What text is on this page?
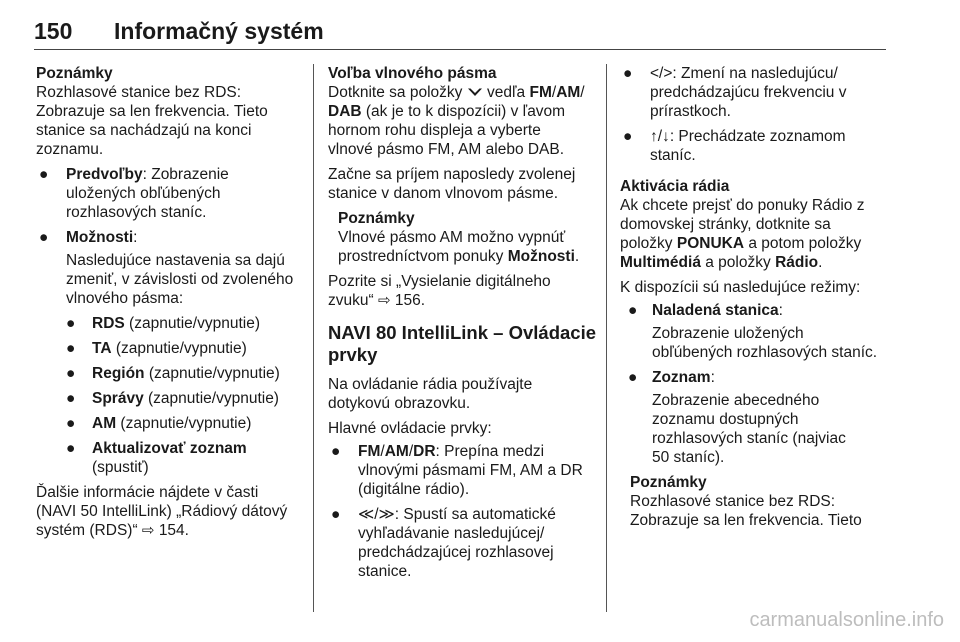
150 Informačný systém
Poznámky
Rozhlasové stanice bez RDS:
Zobrazuje sa len frekvencia. Tieto
stanice sa nachádzajú na konci
zoznamu.
● Predvoľby: Zobrazenie
uložených obľúbených
rozhlasových staníc.
● Možnosti:
Nasledujúce nastavenia sa dajú
zmeniť, v závislosti od zvoleného
vlnového pásma:
● RDS (zapnutie/vypnutie)
● TA (zapnutie/vypnutie)
● Región (zapnutie/vypnutie)
● Správy (zapnutie/vypnutie)
● AM (zapnutie/vypnutie)
● Aktualizovať zoznam
(spustiť)
Ďalšie informácie nájdete v časti
(NAVI 50 IntelliLink) „Rádiový dátový
systém (RDS)“ ⇨ 154.
Voľba vlnového pásma
Dotknite sa položky vedľa FM/AM/
DAB (ak je to k dispozícii) v ľavom
hornom rohu displeja a vyberte
vlnové pásmo FM, AM alebo DAB.
Začne sa príjem naposledy zvolenej
stanice v danom vlnovom pásme.
Poznámky
Vlnové pásmo AM možno vypnúť
prostredníctvom ponuky Možnosti.
Pozrite si „Vysielanie digitálneho
zvuku“ ⇨ 156.
NAVI 80 IntelliLink – Ovládacie
prvky
Na ovládanie rádia používajte
dotykovú obrazovku.
Hlavné ovládacie prvky:
● FM/AM/DR: Prepína medzi
vlnovými pásmami FM, AM a DR
(digitálne rádio).
● ≪/≫: Spustí sa automatické
vyhľadávanie nasledujúcej/
predchádzajúcej rozhlasovej
stanice.
● </>: Zmení na nasledujúcu/
predchádzajúcu frekvenciu v
prírastkoch.
● ↑/↓: Prechádzate zoznamom
staníc.
Aktivácia rádia
Ak chcete prejsť do ponuky Rádio z
domovskej stránky, dotknite sa
položky PONUKA a potom položky
Multimédiá a položky Rádio.
K dispozícii sú nasledujúce režimy:
● Naladená stanica:
Zobrazenie uložených
obľúbených rozhlasových staníc.
● Zoznam:
Zobrazenie abecedného
zoznamu dostupných
rozhlasových staníc (najviac
50 staníc).
Poznámky
Rozhlasové stanice bez RDS:
Zobrazuje sa len frekvencia. Tieto
carmanualsonline.info
